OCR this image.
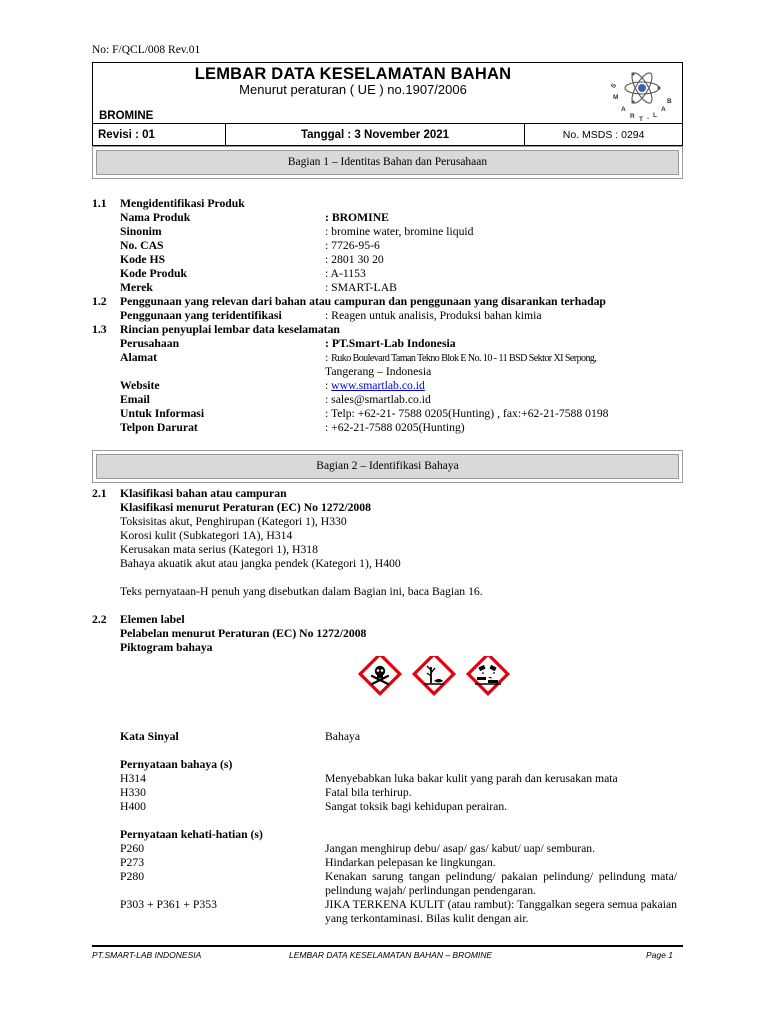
No: F/QCL/008 Rev.01
LEMBAR DATA KESELAMATAN BAHAN
Menurut peraturan ( UE ) no.1907/2006
BROMINE
S
M
A
R T - L
A
B
Revisi : 01	Tanggal : 3 November 2021	No. MSDS : 0294
Bagian 1 – Identitas Bahan dan Perusahaan
1.1 Mengidentifikasi Produk
Nama Produk	: BROMINE
Sinonim	: bromine water, bromine liquid
No. CAS	: 7726-95-6
Kode HS	: 2801 30 20
Kode Produk	: A-1153
Merek	: SMART-LAB
1.2 Penggunaan yang relevan dari bahan atau campuran dan penggunaan yang disarankan terhadap
Penggunaan yang teridentifikasi	: Reagen untuk analisis, Produksi bahan kimia
1.3 Rincian penyuplai lembar data keselamatan
Perusahaan	: PT.Smart-Lab Indonesia
Alamat	: Ruko Boulevard Taman Tekno Blok E No. 10 - 11 BSD Sektor XI Serpong,
Tangerang – Indonesia
Website	: www.smartlab.co.id
Email	: sales@smartlab.co.id
Untuk Informasi	: Telp: +62-21- 7588 0205(Hunting) , fax:+62-21-7588 0198
Telpon Darurat	: +62-21-7588 0205(Hunting)
Bagian 2 – Identifikasi Bahaya
2.1 Klasifikasi bahan atau campuran
Klasifikasi menurut Peraturan (EC) No 1272/2008
Toksisitas akut, Penghirupan (Kategori 1), H330
Korosi kulit (Subkategori 1A), H314
Kerusakan mata serius (Kategori 1), H318
Bahaya akuatik akut atau jangka pendek (Kategori 1), H400
Teks pernyataan-H penuh yang disebutkan dalam Bagian ini, baca Bagian 16.
2.2 Elemen label
Pelabelan menurut Peraturan (EC) No 1272/2008
Piktogram bahaya
Kata Sinyal	Bahaya
Pernyataan bahaya (s)
H314	Menyebabkan luka bakar kulit yang parah dan kerusakan mata
H330	Fatal bila terhirup.
H400	Sangat toksik bagi kehidupan perairan.
Pernyataan kehati-hatian (s)
P260	Jangan menghirup debu/ asap/ gas/ kabut/ uap/ semburan.
P273	Hindarkan pelepasan ke lingkungan.
P280	Kenakan sarung tangan pelindung/ pakaian pelindung/ pelindung mata/ pelindung wajah/ perlindungan pendengaran.
P303 + P361 + P353	JIKA TERKENA KULIT (atau rambut): Tanggalkan segera semua pakaian yang terkontaminasi. Bilas kulit dengan air.
PT.SMART-LAB INDONESIA	LEMBAR DATA KESELAMATAN BAHAN – BROMINE	Page 1
